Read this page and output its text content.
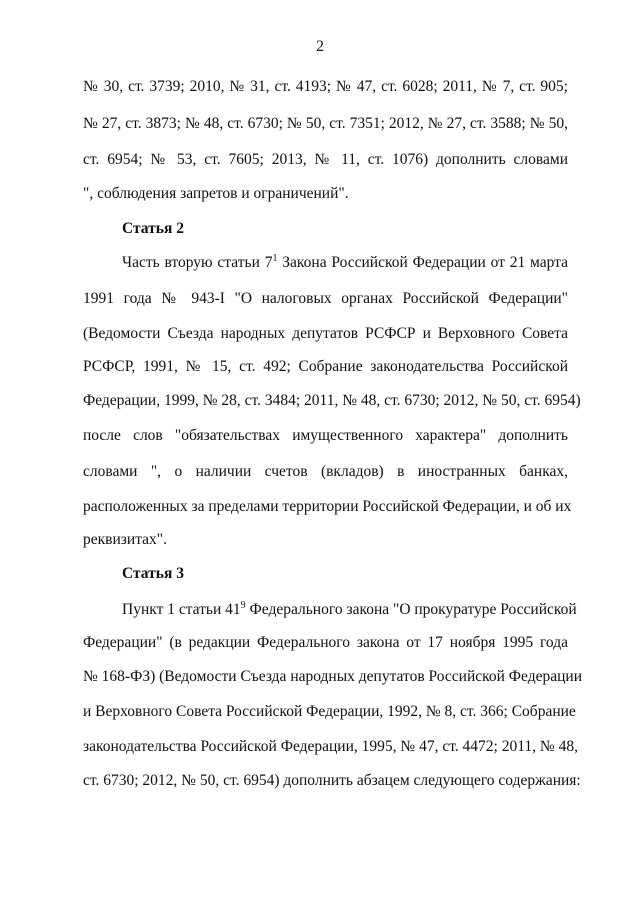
2
№ 30, ст. 3739; 2010, № 31, ст. 4193; № 47, ст. 6028; 2011, № 7, ст. 905;
№ 27, ст. 3873; № 48, ст. 6730; № 50, ст. 7351; 2012, № 27, ст. 3588; № 50,
ст. 6954; № 53, ст. 7605; 2013, № 11, ст. 1076) дополнить словами
", соблюдения запретов и ограничений".
Статья 2
Часть вторую статьи $7^1$ Закона Российской Федерации от 21 марта
1991 года № 943-I "О налоговых органах Российской Федерации"
(Ведомости Съезда народных депутатов РСФСР и Верховного Совета
РСФСР, 1991, № 15, ст. 492; Собрание законодательства Российской
Федерации, 1999, № 28, ст. 3484; 2011, № 48, ст. 6730; 2012, № 50, ст. 6954)
после слов "обязательствах имущественного характера" дополнить
словами ", о наличии счетов (вкладов) в иностранных банках,
расположенных за пределами территории Российской Федерации, и об их
реквизитах".
Статья 3
Пункт 1 статьи $41^9$ Федерального закона "О прокуратуре Российской
Федерации" (в редакции Федерального закона от 17 ноября 1995 года
№ 168-ФЗ) (Ведомости Съезда народных депутатов Российской Федерации
и Верховного Совета Российской Федерации, 1992, № 8, ст. 366; Собрание
законодательства Российской Федерации, 1995, № 47, ст. 4472; 2011, № 48,
ст. 6730; 2012, № 50, ст. 6954) дополнить абзацем следующего содержания:
